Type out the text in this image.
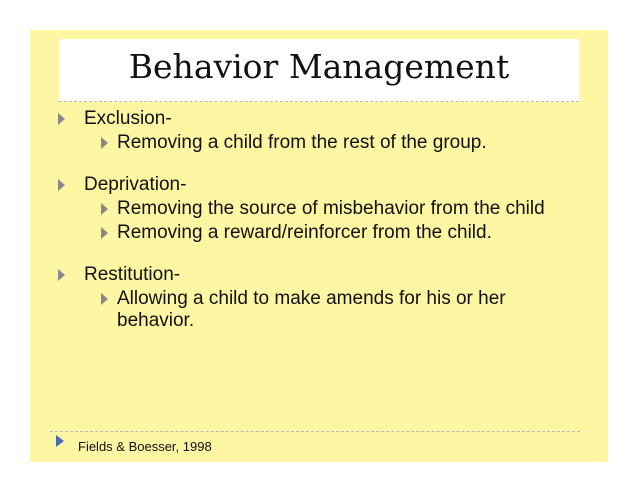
Behavior Management
Exclusion-
Removing a child from the rest of the group.
Deprivation-
Removing the source of misbehavior from the child
Removing a reward/reinforcer from the child.
Restitution-
Allowing a child to make amends for his or her behavior.
Fields & Boesser, 1998
